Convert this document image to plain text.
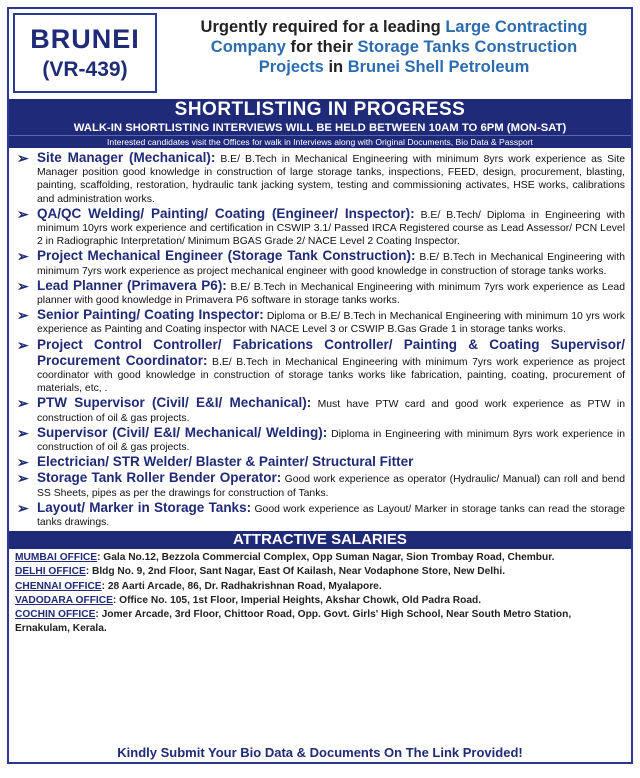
BRUNEI
(VR-439)
Urgently required for a leading Large Contracting
Company for their Storage Tanks Construction
Projects in Brunei Shell Petroleum
SHORTLISTING IN PROGRESS
WALK-IN SHORTLISTING INTERVIEWS WILL BE HELD BETWEEN 10AM TO 6PM (MON-SAT)
Interested candidates visit the Offices for walk in Interviews along with Original Documents, Bio Data & Passport
➢ Site Manager (Mechanical): B.E/ B.Tech in Mechanical Engineering with minimum 8yrs work experience as Site Manager position good knowledge in construction of large storage tanks, inspections, FEED, design, procurement, blasting, painting, scaffolding, restoration, hydraulic tank jacking system, testing and commissioning activates, HSE works, calibrations and administration works.
➢ QA/QC Welding/ Painting/ Coating (Engineer/ Inspector): B.E/ B.Tech/ Diploma in Engineering with minimum 10yrs work experience and certification in CSWIP 3.1/ Passed IRCA Registered course as Lead Assessor/ PCN Level 2 in Radiographic Interpretation/ Minimum BGAS Grade 2/ NACE Level 2 Coating Inspector.
➢ Project Mechanical Engineer (Storage Tank Construction): B.E/ B.Tech in Mechanical Engineering with minimum 7yrs work experience as project mechanical engineer with good knowledge in construction of storage tanks works.
➢ Lead Planner (Primavera P6): B.E/ B.Tech in Mechanical Engineering with minimum 7yrs work experience as Lead planner with good knowledge in Primavera P6 software in storage tanks works.
➢ Senior Painting/ Coating Inspector: Diploma or B.E/ B.Tech in Mechanical Engineering with minimum 10 yrs work experience as Painting and Coating inspector with NACE Level 3 or CSWIP B.Gas Grade 1 in storage tanks works.
➢ Project Control Controller/ Fabrications Controller/ Painting & Coating Supervisor/ Procurement Coordinator: B.E/ B.Tech in Mechanical Engineering with minimum 7yrs work experience as project coordinator with good knowledge in construction of storage tanks works like fabrication, painting, coating, procurement of materials, etc, .
➢ PTW Supervisor (Civil/ E&I/ Mechanical): Must have PTW card and good work experience as PTW in construction of oil & gas projects.
➢ Supervisor (Civil/ E&I/ Mechanical/ Welding): Diploma in Engineering with minimum 8yrs work experience in construction of oil & gas projects.
➢ Electrician/ STR Welder/ Blaster & Painter/ Structural Fitter
➢ Storage Tank Roller Bender Operator: Good work experience as operator (Hydraulic/ Manual) can roll and bend SS Sheets, pipes as per the drawings for construction of Tanks.
➢ Layout/ Marker in Storage Tanks: Good work experience as Layout/ Marker in storage tanks can read the storage tanks drawings.
ATTRACTIVE SALARIES
MUMBAI OFFICE: Gala No.12, Bezzola Commercial Complex, Opp Suman Nagar, Sion Trombay Road, Chembur.
DELHI OFFICE: Bldg No. 9, 2nd Floor, Sant Nagar, East Of Kailash, Near Vodaphone Store, New Delhi.
CHENNAI OFFICE: 28 Aarti Arcade, 86, Dr. Radhakrishnan Road, Myalapore.
VADODARA OFFICE: Office No. 105, 1st Floor, Imperial Heights, Akshar Chowk, Old Padra Road.
COCHIN OFFICE: Jomer Arcade, 3rd Floor, Chittoor Road, Opp. Govt. Girls' High School, Near South Metro Station, Ernakulam, Kerala.
Kindly Submit Your Bio Data & Documents On The Link Provided!
